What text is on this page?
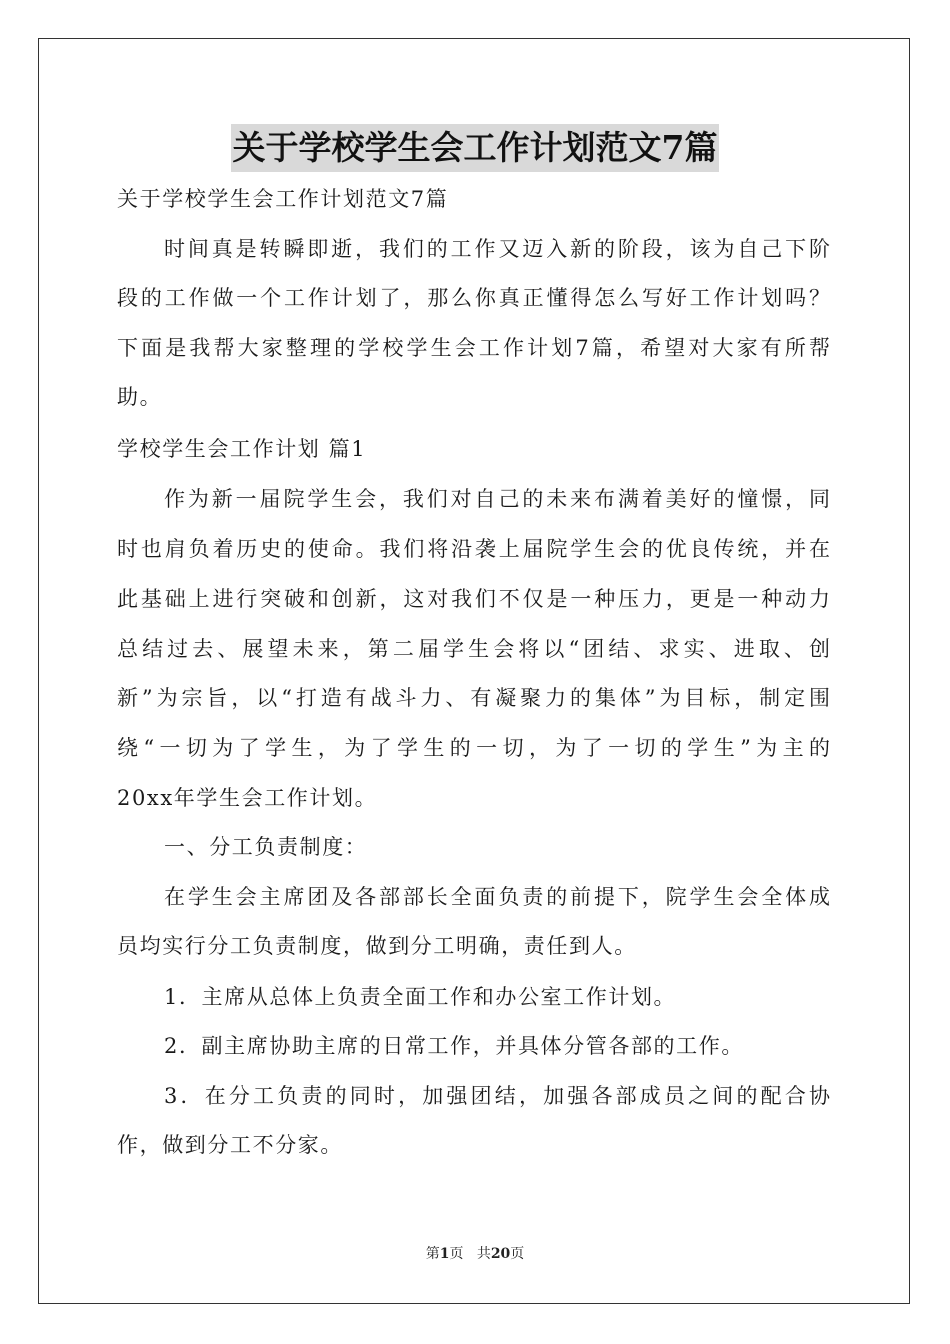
关于学校学生会工作计划范文7篇
关于学校学生会工作计划范文7篇
时间真是转瞬即逝，我们的工作又迈入新的阶段，该为自己下阶
段的工作做一个工作计划了，那么你真正懂得怎么写好工作计划吗？
下面是我帮大家整理的学校学生会工作计划7篇，希望对大家有所帮
助。
学校学生会工作计划 篇1
作为新一届院学生会，我们对自己的未来布满着美好的憧憬，同
时也肩负着历史的使命。我们将沿袭上届院学生会的优良传统，并在
此基础上进行突破和创新，这对我们不仅是一种压力，更是一种动力
总结过去、展望未来，第二届学生会将以“团结、求实、进取、创
新”为宗旨，以“打造有战斗力、有凝聚力的集体”为目标，制定围
绕“一切为了学生，为了学生的一切，为了一切的学生”为主的
20xx年学生会工作计划。
一、分工负责制度：
在学生会主席团及各部部长全面负责的前提下，院学生会全体成
员均实行分工负责制度，做到分工明确，责任到人。
1．主席从总体上负责全面工作和办公室工作计划。
2．副主席协助主席的日常工作，并具体分管各部的工作。
3．在分工负责的同时，加强团结，加强各部成员之间的配合协
作，做到分工不分家。
第1页 共20页
